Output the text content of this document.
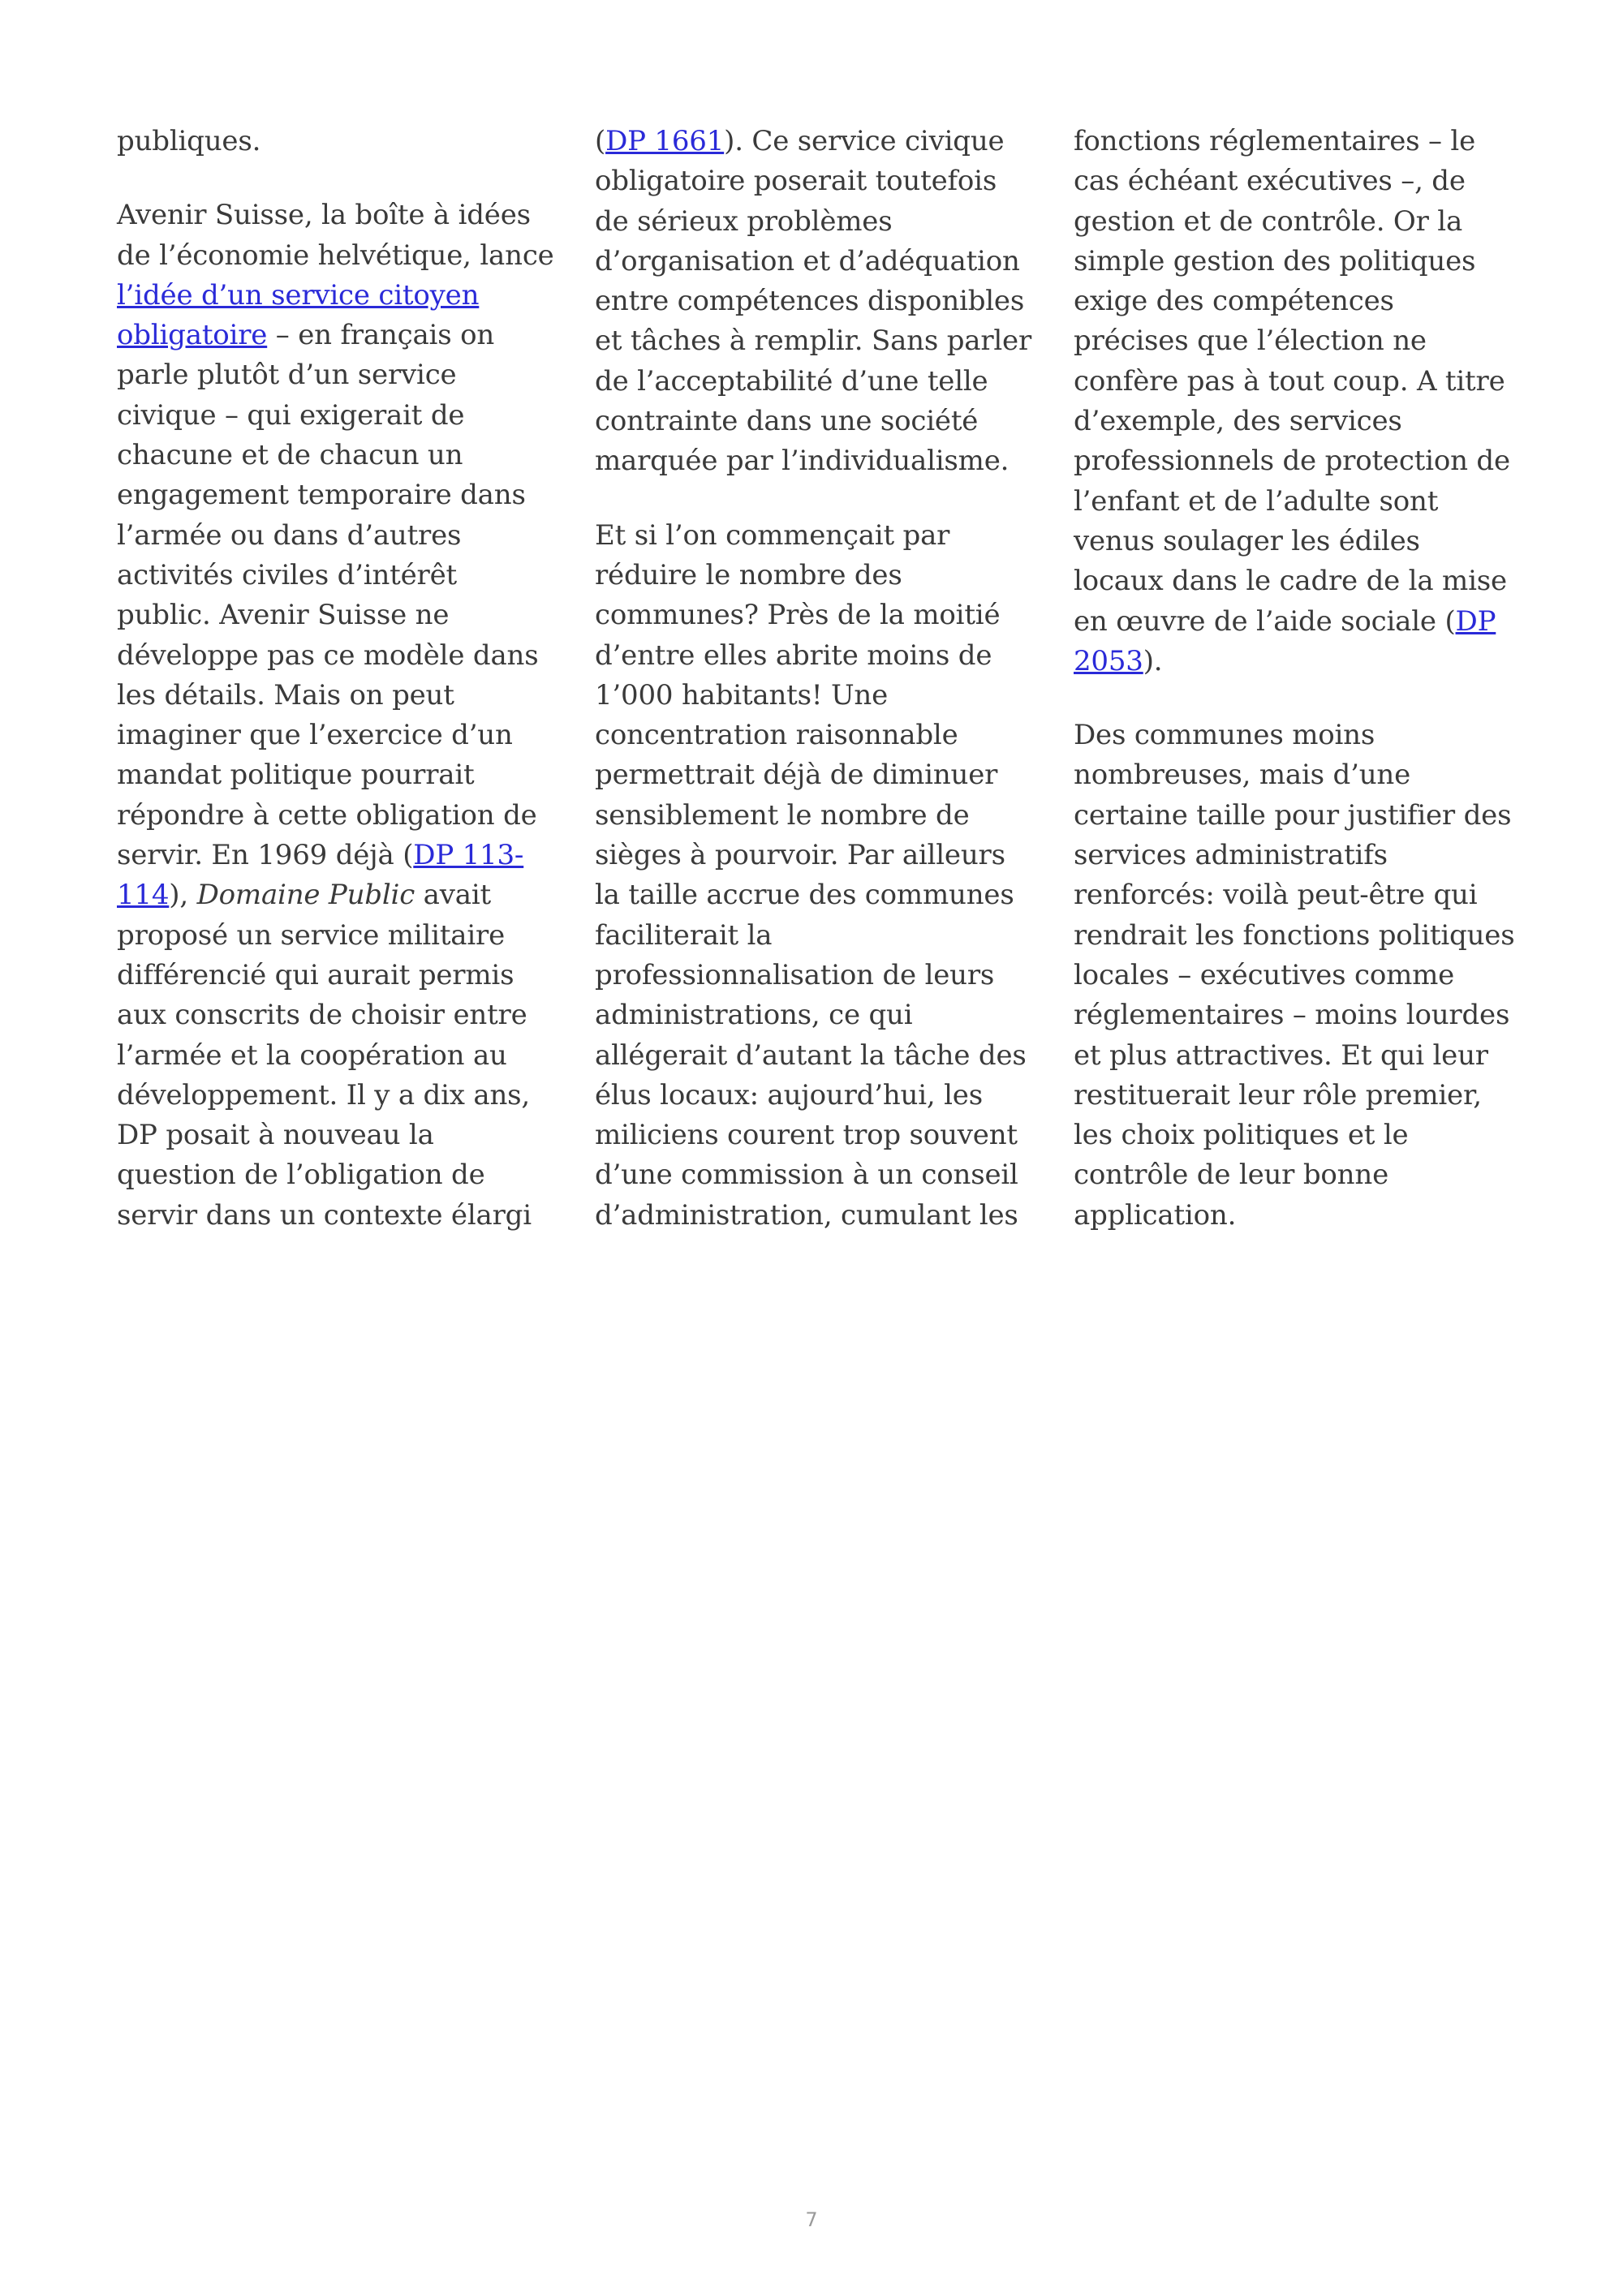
publiques.

Avenir Suisse, la boîte à idées
de l’économie helvétique, lance
l’idée d’un service citoyen
obligatoire – en français on
parle plutôt d’un service
civique – qui exigerait de
chacune et de chacun un
engagement temporaire dans
l’armée ou dans d’autres
activités civiles d’intérêt
public. Avenir Suisse ne
développe pas ce modèle dans
les détails. Mais on peut
imaginer que l’exercice d’un
mandat politique pourrait
répondre à cette obligation de
servir. En 1969 déjà (DP 113-
114), Domaine Public avait
proposé un service militaire
différencié qui aurait permis
aux conscrits de choisir entre
l’armée et la coopération au
développement. Il y a dix ans,
DP posait à nouveau la
question de l’obligation de
servir dans un contexte élargi

(DP 1661). Ce service civique
obligatoire poserait toutefois
de sérieux problèmes
d’organisation et d’adéquation
entre compétences disponibles
et tâches à remplir. Sans parler
de l’acceptabilité d’une telle
contrainte dans une société
marquée par l’individualisme.

Et si l’on commençait par
réduire le nombre des
communes? Près de la moitié
d’entre elles abrite moins de
1’000 habitants! Une
concentration raisonnable
permettrait déjà de diminuer
sensiblement le nombre de
sièges à pourvoir. Par ailleurs
la taille accrue des communes
faciliterait la
professionnalisation de leurs
administrations, ce qui
allégerait d’autant la tâche des
élus locaux: aujourd’hui, les
miliciens courent trop souvent
d’une commission à un conseil
d’administration, cumulant les

fonctions réglementaires – le
cas échéant exécutives –, de
gestion et de contrôle. Or la
simple gestion des politiques
exige des compétences
précises que l’élection ne
confère pas à tout coup. A titre
d’exemple, des services
professionnels de protection de
l’enfant et de l’adulte sont
venus soulager les édiles
locaux dans le cadre de la mise
en œuvre de l’aide sociale (DP
2053).

Des communes moins
nombreuses, mais d’une
certaine taille pour justifier des
services administratifs
renforcés: voilà peut-être qui
rendrait les fonctions politiques
locales – exécutives comme
réglementaires – moins lourdes
et plus attractives. Et qui leur
restituerait leur rôle premier,
les choix politiques et le
contrôle de leur bonne
application.

7
